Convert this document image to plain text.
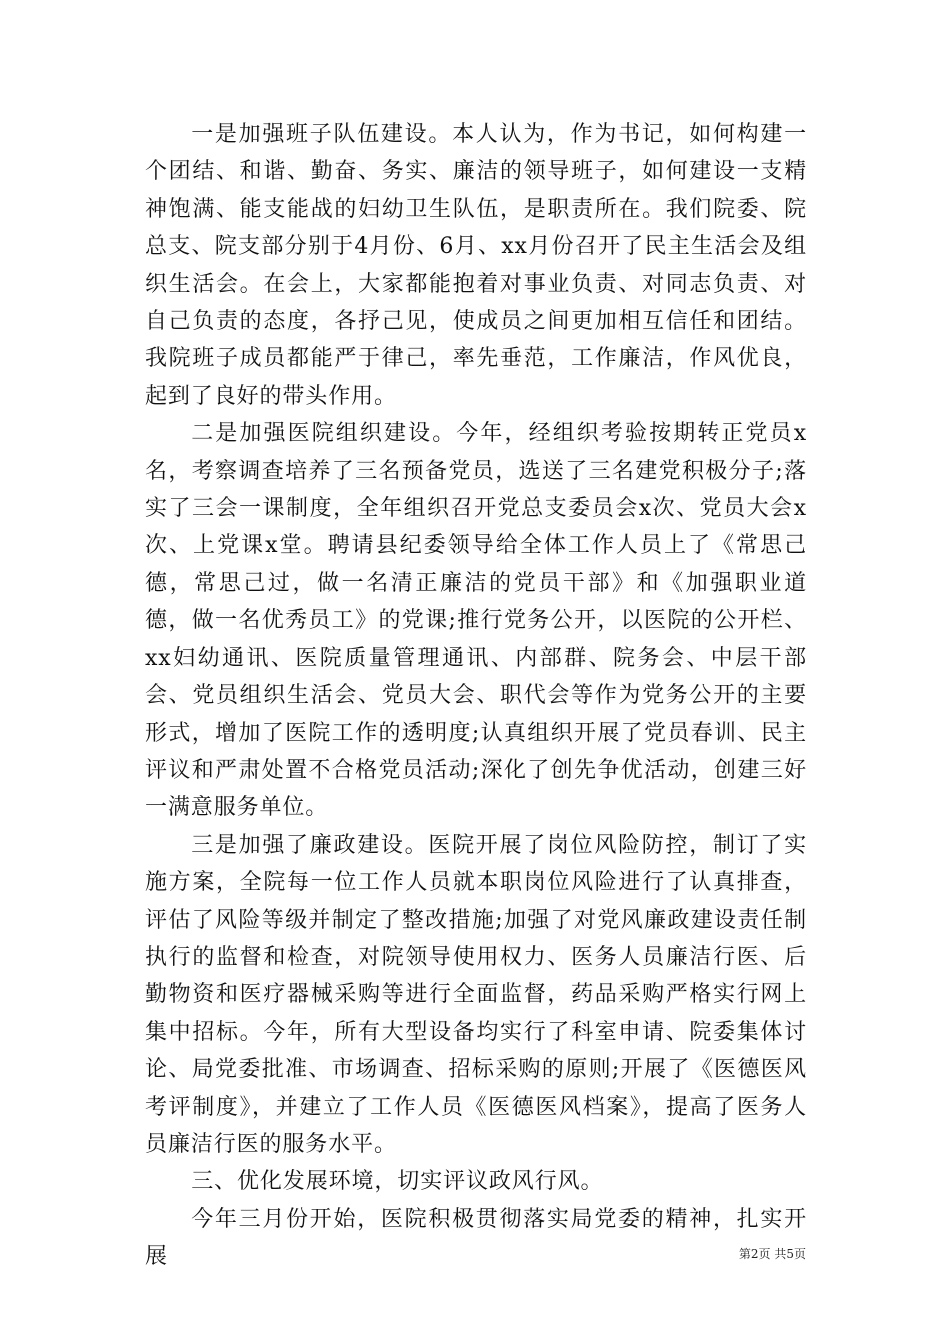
一是加强班子队伍建设。本人认为，作为书记，如何构建一个团结、和谐、勤奋、务实、廉洁的领导班子，如何建设一支精神饱满、能支能战的妇幼卫生队伍，是职责所在。我们院委、院总支、院支部分别于4月份、6月、xx月份召开了民主生活会及组织生活会。在会上，大家都能抱着对事业负责、对同志负责、对自己负责的态度，各抒己见，使成员之间更加相互信任和团结。我院班子成员都能严于律己，率先垂范，工作廉洁，作风优良，起到了良好的带头作用。

二是加强医院组织建设。今年，经组织考验按期转正党员x名，考察调查培养了三名预备党员，选送了三名建党积极分子;落实了三会一课制度，全年组织召开党总支委员会x次、党员大会x次、上党课x堂。聘请县纪委领导给全体工作人员上了《常思己德，常思己过，做一名清正廉洁的党员干部》和《加强职业道德，做一名优秀员工》的党课;推行党务公开，以医院的公开栏、xx妇幼通讯、医院质量管理通讯、内部群、院务会、中层干部会、党员组织生活会、党员大会、职代会等作为党务公开的主要形式，增加了医院工作的透明度;认真组织开展了党员春训、民主评议和严肃处置不合格党员活动;深化了创先争优活动，创建三好一满意服务单位。

三是加强了廉政建设。医院开展了岗位风险防控，制订了实施方案，全院每一位工作人员就本职岗位风险进行了认真排查，评估了风险等级并制定了整改措施;加强了对党风廉政建设责任制执行的监督和检查，对院领导使用权力、医务人员廉洁行医、后勤物资和医疗器械采购等进行全面监督，药品采购严格实行网上集中招标。今年，所有大型设备均实行了科室申请、院委集体讨论、局党委批准、市场调查、招标采购的原则;开展了《医德医风考评制度》，并建立了工作人员《医德医风档案》，提高了医务人员廉洁行医的服务水平。

三、优化发展环境，切实评议政风行风。

今年三月份开始，医院积极贯彻落实局党委的精神，扎实开展	第2页 共5页
